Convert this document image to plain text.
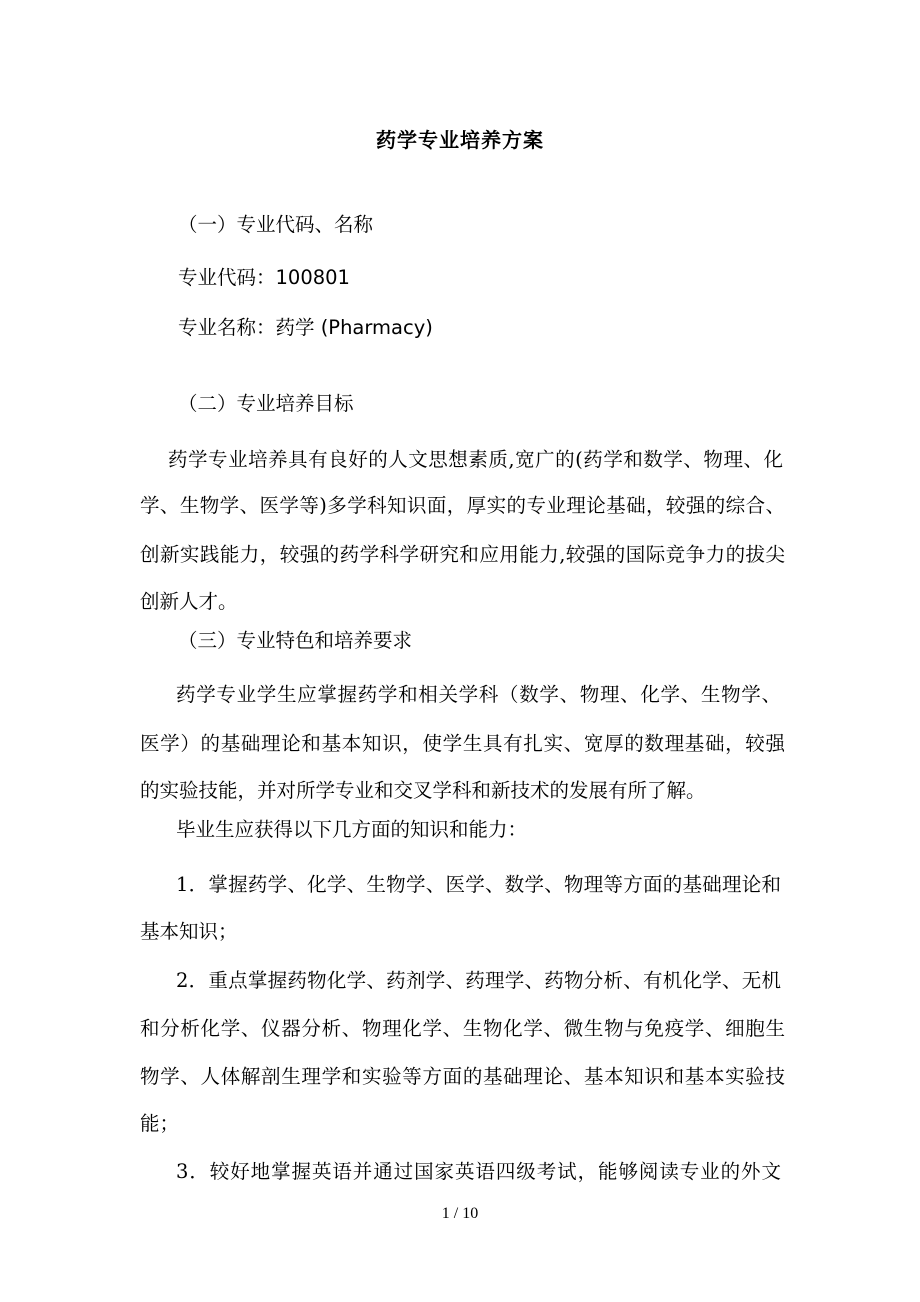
药学专业培养方案
（一）专业代码、名称
专业代码：100801
专业名称：药学 (Pharmacy)
（二）专业培养目标
药学专业培养具有良好的人文思想素质,宽广的(药学和数学、物理、化
学、生物学、医学等)多学科知识面，厚实的专业理论基础，较强的综合、
创新实践能力，较强的药学科学研究和应用能力,较强的国际竞争力的拔尖
创新人才。
（三）专业特色和培养要求
药学专业学生应掌握药学和相关学科（数学、物理、化学、生物学、
医学）的基础理论和基本知识，使学生具有扎实、宽厚的数理基础，较强
的实验技能，并对所学专业和交叉学科和新技术的发展有所了解。
毕业生应获得以下几方面的知识和能力：
1．掌握药学、化学、生物学、医学、数学、物理等方面的基础理论和
基本知识；
2．重点掌握药物化学、药剂学、药理学、药物分析、有机化学、无机
和分析化学、仪器分析、物理化学、生物化学、微生物与免疫学、细胞生
物学、人体解剖生理学和实验等方面的基础理论、基本知识和基本实验技
能；
3．较好地掌握英语并通过国家英语四级考试，能够阅读专业的外文
1 / 10
